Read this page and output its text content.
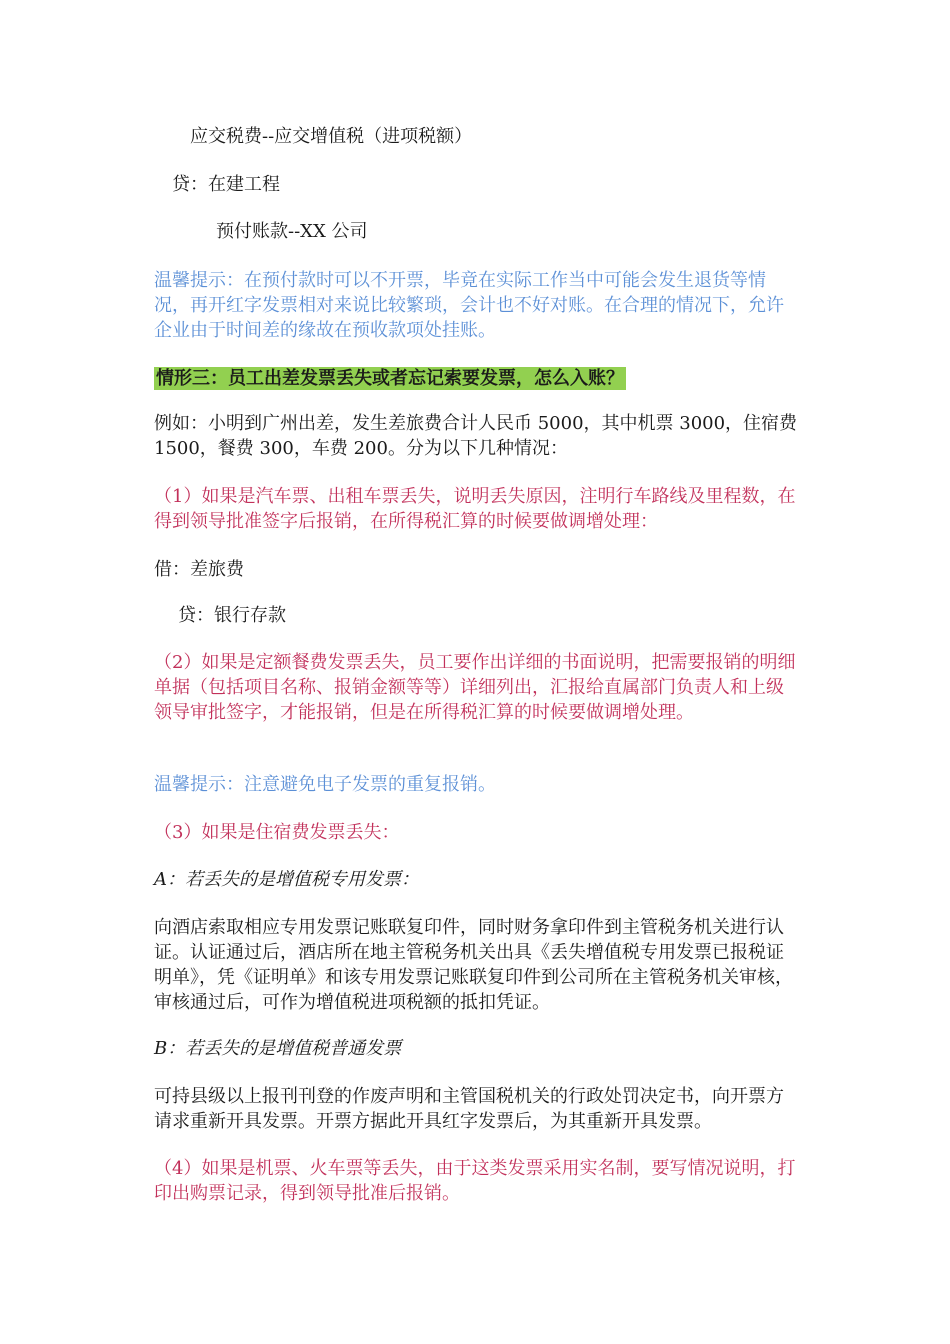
应交税费--应交增值税（进项税额）

贷：在建工程

预付账款--XX 公司

温馨提示：在预付款时可以不开票，毕竟在实际工作当中可能会发生退货等情况，再开红字发票相对来说比较繁琐，会计也不好对账。在合理的情况下，允许企业由于时间差的缘故在预收款项处挂账。

情形三：员工出差发票丢失或者忘记索要发票，怎么入账？

例如：小明到广州出差，发生差旅费合计人民币 5000，其中机票 3000，住宿费 1500，餐费 300，车费 200。分为以下几种情况：

（1）如果是汽车票、出租车票丢失，说明丢失原因，注明行车路线及里程数，在得到领导批准签字后报销，在所得税汇算的时候要做调增处理：

借：差旅费

贷：银行存款

（2）如果是定额餐费发票丢失，员工要作出详细的书面说明，把需要报销的明细单据（包括项目名称、报销金额等等）详细列出，汇报给直属部门负责人和上级领导审批签字，才能报销，但是在所得税汇算的时候要做调增处理。

温馨提示：注意避免电子发票的重复报销。

（3）如果是住宿费发票丢失：

A：若丢失的是增值税专用发票：

向酒店索取相应专用发票记账联复印件，同时财务拿印件到主管税务机关进行认证。认证通过后，酒店所在地主管税务机关出具《丢失增值税专用发票已报税证明单》，凭《证明单》和该专用发票记账联复印件到公司所在主管税务机关审核，审核通过后，可作为增值税进项税额的抵扣凭证。

B：若丢失的是增值税普通发票

可持县级以上报刊刊登的作废声明和主管国税机关的行政处罚决定书，向开票方请求重新开具发票。开票方据此开具红字发票后，为其重新开具发票。

（4）如果是机票、火车票等丢失，由于这类发票采用实名制，要写情况说明，打印出购票记录，得到领导批准后报销。
